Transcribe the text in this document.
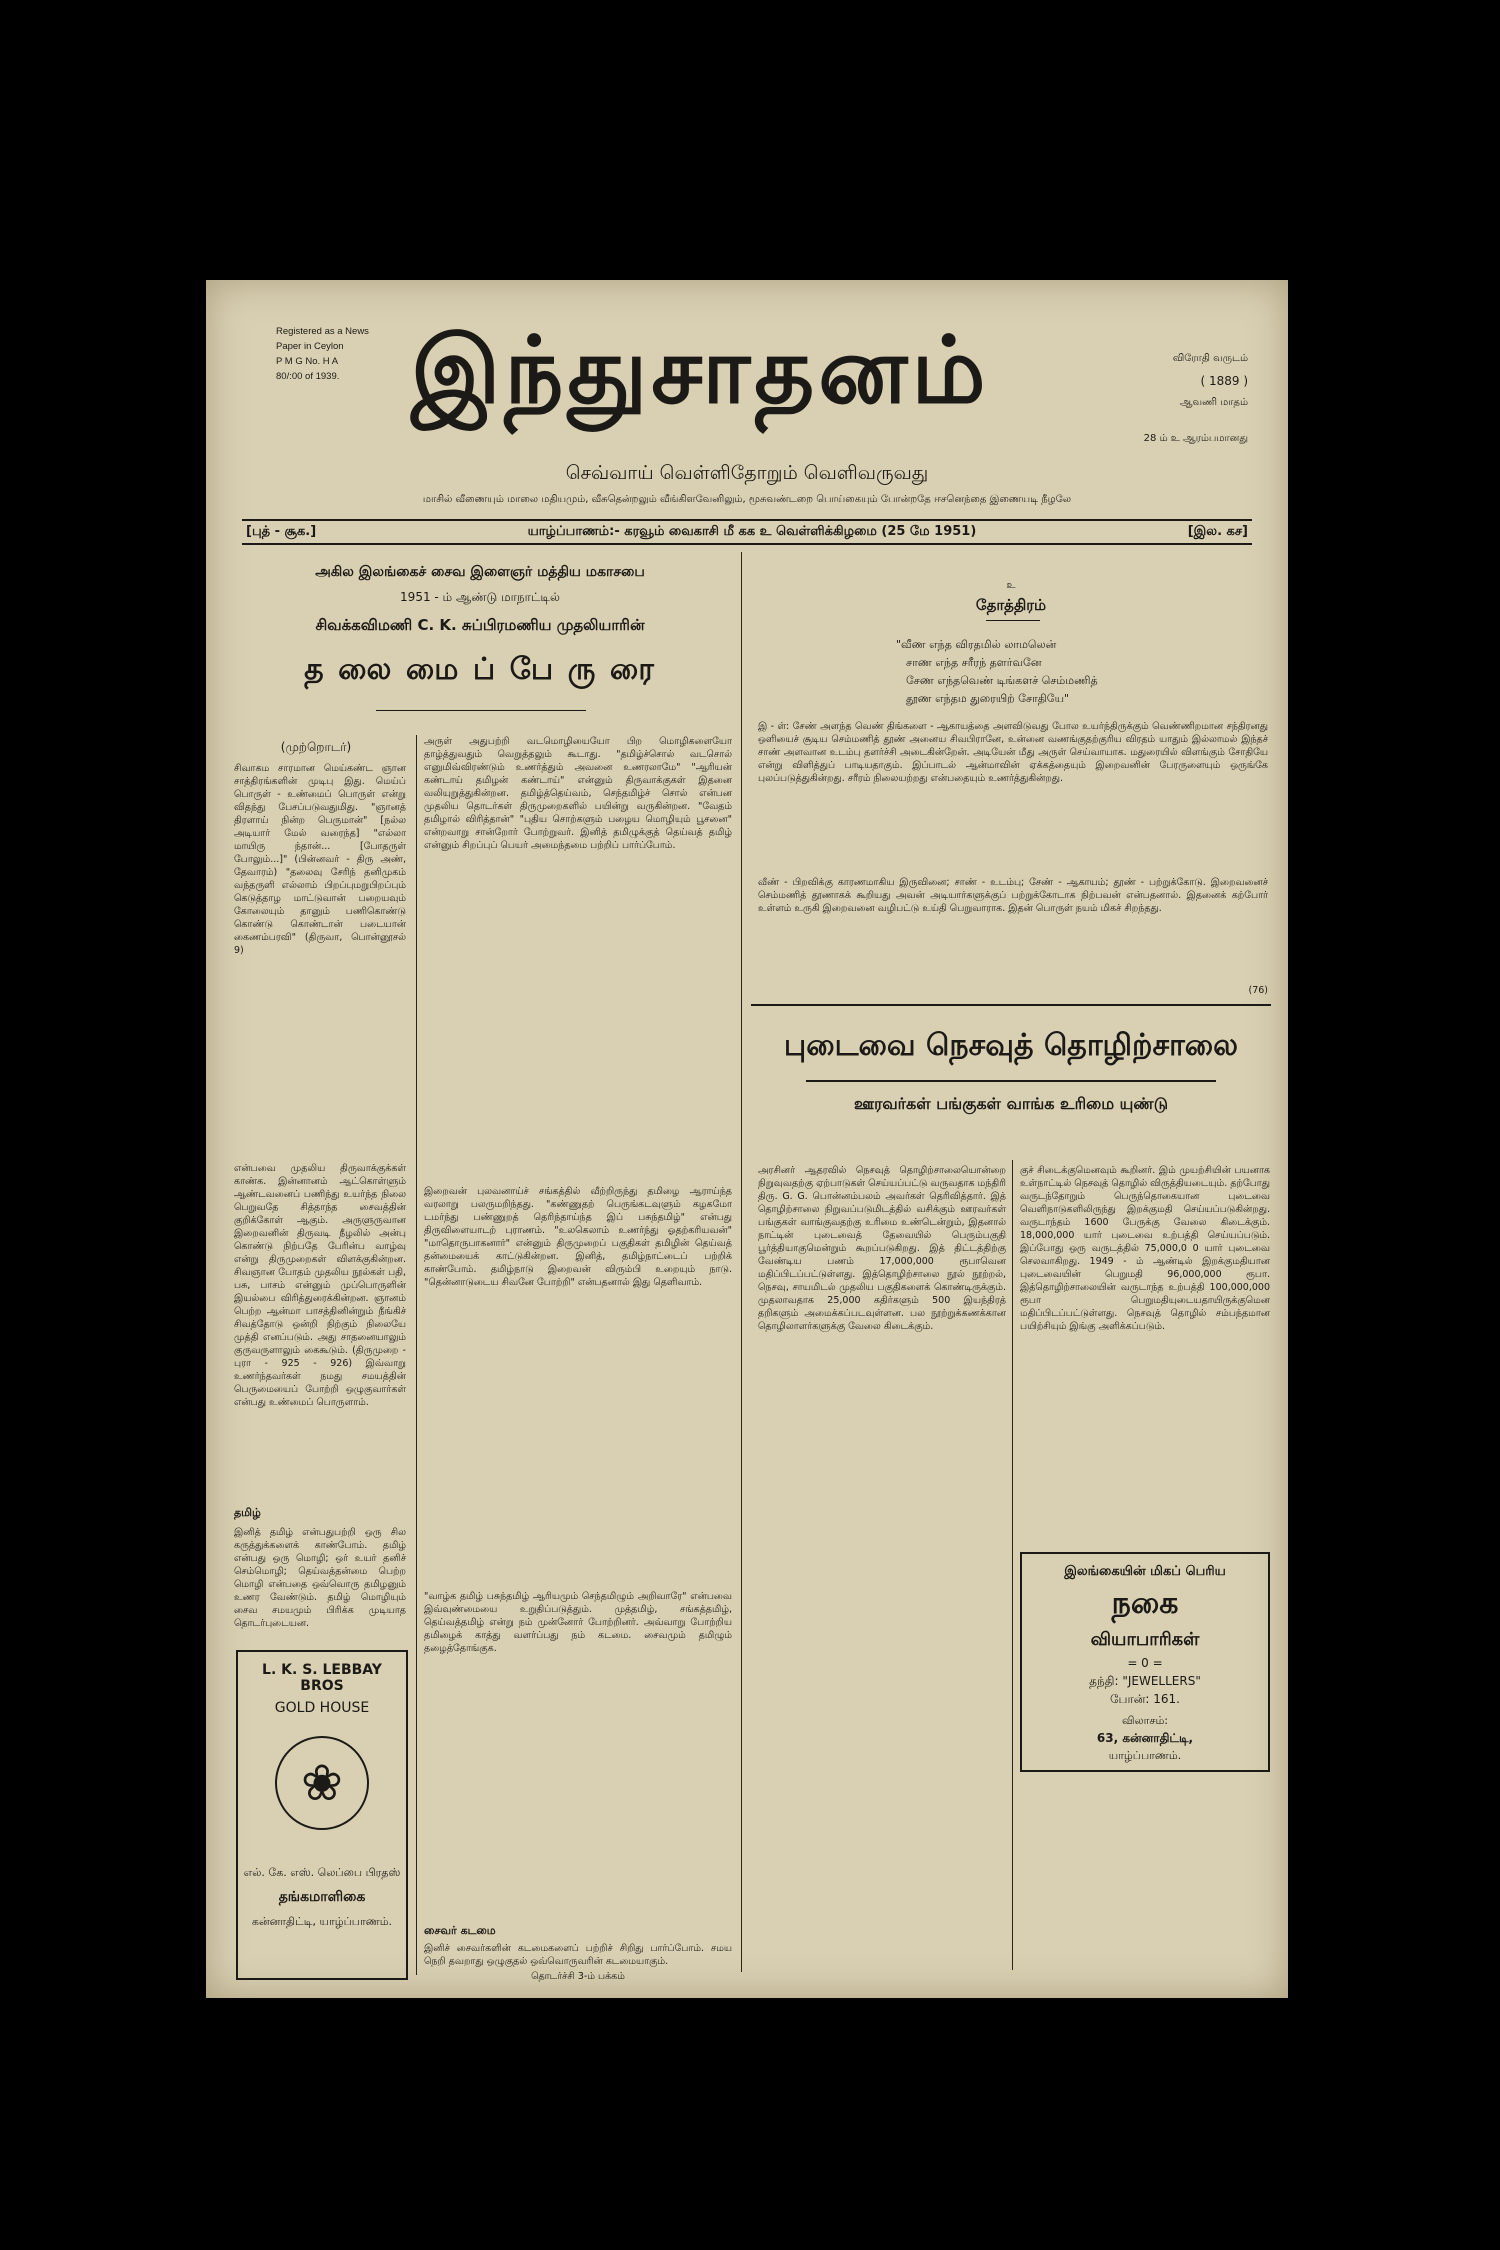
Registered as a News
Paper in Ceylon
P M G No. H A
80/:00 of 1939. இந்துசாதனம்	விரோதி வருடம்
( 1889 )
ஆவணி மாதம்
28 ம் உ ஆரம்பமானது
செவ்வாய் வெள்ளிதோறும் வெளிவருவது
மாசில் வீணையும் மாலை மதியமும், வீசுதென்றலும் வீங்கிளவேனிலும், மூசுவண்டறை பொய்கையும் போன்றதே ஈசனெந்தை இணையடி நீழலே
[புத் - சூக.]	யாழ்ப்பாணம்:- கரவூம் வைகாசி மீ கக உ வெள்ளிக்கிழமை (25 மே 1951)	[இல. கச]
அகில இலங்கைச் சைவ இளைஞர் மத்திய மகாசபை
1951 - ம் ஆண்டு மாநாட்டில்
சிவக்கவிமணி C. K. சுப்பிரமணிய முதலியாரின்
த லை மை ப் பே ரு ரை
(முற்றொடர்)
சிவாகம சாரமான மெய்கண்ட ஞான சாத்திரங்களின் முடிபு இது. மெய்ப் பொருள் - உண்மைப் பொருள் என்று விதந்து பேசப்படுவதுமிது. "ஞானத் திரளாய் நின்ற பெருமான்" [நல்ல அடியார் மேல் வரைந்த] "எல்லா மாயிரு ந்தான்... [போதருள் போலும்...]" (பின்னவர் - திரு அண், தேவாரம்) "தலைவு சேரிந் தனிமுகம் வந்தருளி எல்லாம் பிறப்புமறுபிறப்பும் கெடுத்தாழ மாட்டுவான் பறையவும் கோலையும் தானும் பணிகொண்டு கொண்டு கொண்டான் படையான் கைணம்பரவி" (திருவா, பொன்னூசல் 9)
என்பவை முதலிய திருவாக்குக்கள் காண்க. இன்னானம் ஆட்கொள்ளும் ஆண்டவனைப் பணிந்து உயர்ந்த நிலை பெறுவதே சித்தாந்த சைவத்தின் குறிக்கோள் ஆகும். அருளுருவான இறைவனின் திருவடி நீழலில் அன்பு கொண்டு நிற்பதே பேரின்ப வாழ்வு என்று திருமுறைகள் விளக்குகின்றன. சிவஞான போதம் முதலிய நூல்கள் பதி, பசு, பாசம் என்னும் முப்பொருளின் இயல்பை விரித்துரைக்கின்றன. ஞானம் பெற்ற ஆன்மா பாசத்தினின்றும் நீங்கிச் சிவத்தோடு ஒன்றி நிற்கும் நிலையே முத்தி எனப்படும். அது சாதனையாலும் குருவருளாலும் கைகூடும். (திருமுறை - புரா - 925 - 926) இவ்வாறு உணர்ந்தவர்கள் நமது சமயத்தின் பெருமையைப் போற்றி ஒழுகுவார்கள் என்பது உண்மைப் பொருளாம்.
தமிழ்
இனித் தமிழ் என்பதுபற்றி ஒரு சில கருத்துக்களைக் காண்போம். தமிழ் என்பது ஒரு மொழி; ஒர் உயர் தனிச் செம்மொழி; தெய்வத்தன்மை பெற்ற மொழி என்பதை ஒவ்வொரு தமிழனும் உணர வேண்டும். தமிழ் மொழியும் சைவ சமயமும் பிரிக்க முடியாத தொடர்புடையன.
அருள் அதுபற்றி வடமொழியையோ பிற மொழிகளையோ தாழ்த்துவதும் வெறுத்தலும் கூடாது. "தமிழ்ச்சொல் வடசொல் எனுமிவ்விரண்டும் உணர்த்தும் அவனை உணரலாமே" "ஆரியன் கண்டாய் தமிழன் கண்டாய்" என்னும் திருவாக்குகள் இதனை வலியுறுத்துகின்றன. தமிழ்த்தெய்வம், செந்தமிழ்ச் சொல் என்பன முதலிய தொடர்கள் திருமுறைகளில் பயின்று வருகின்றன. "வேதம் தமிழால் விரித்தான்" "புதிய சொற்களும் பழைய மொழியும் பூசனை" என்றவாறு சான்றோர் போற்றுவர். இனித் தமிழுக்குத் தெய்வத் தமிழ் என்னும் சிறப்புப் பெயர் அமைந்தமை பற்றிப் பார்ப்போம்.
இறைவன் புலவனாய்ச் சங்கத்தில் வீற்றிருந்து தமிழை ஆராய்ந்த வரலாறு பலருமறிந்தது. "கண்ணுதற் பெருங்கடவுளும் கழகமோ டமர்ந்து பண்ணுறத் தெரிந்தாய்ந்த இப் பசுந்தமிழ்" என்பது திருவிளையாடற் புராணம். "உலகெலாம் உணர்ந்து ஓதற்கரியவன்" "மாதொருபாகனார்" என்னும் திருமுறைப் பகுதிகள் தமிழின் தெய்வத் தன்மையைக் காட்டுகின்றன. இனித், தமிழ்நாட்டைப் பற்றிக் காண்போம். தமிழ்நாடு இறைவன் விரும்பி உறையும் நாடு. "தென்னாடுடைய சிவனே போற்றி" என்பதனால் இது தெளிவாம்.
"வாழ்க தமிழ் பசுந்தமிழ் ஆரியமும் செந்தமிழும் அறிவாரே" என்பவை இவ்வுண்மையை உறுதிப்படுத்தும். முத்தமிழ், சங்கத்தமிழ், தெய்வத்தமிழ் என்று நம் முன்னோர் போற்றினர். அவ்வாறு போற்றிய தமிழைக் காத்து வளர்ப்பது நம் கடமை. சைவமும் தமிழும் தழைத்தோங்குக.
சைவர் கடமை
இனிச் சைவர்களின் கடமைகளைப் பற்றிச் சிறிது பார்ப்போம். சமய நெறி தவறாது ஒழுகுதல் ஒவ்வொருவரின் கடமையாகும்.
தொடர்ச்சி 3-ம் பக்கம்
L. K. S. LEBBAY BROS
GOLD HOUSE
❀
எல். கே. எஸ். லெப்பை பிரதஸ்
தங்கமாளிகை
கன்னாதிட்டி, யாழ்ப்பாணம்.
உ
தோத்திரம்
"வீண எந்த விரதமில் லாமலென்
சாண எந்த சரீரந் தளர்வனே
சேண எந்தவெண் டிங்களச் செம்மணித்
தூண எந்தம துரையிற் சோதியே"
இ - ள்: சேண் அளந்த வெண் திங்களை - ஆகாயத்தை அளவிடுவது போல உயர்ந்திருக்கும் வெண்ணிறமான சந்திரனது ஒளியைச் சூடிய செம்மணித் தூண் அனைய சிவபிரானே, உன்னை வணங்குதற்குரிய விரதம் யாதும் இல்லாமல் இந்தச் சாண் அளவான உடம்பு தளர்ச்சி அடைகின்றேன். அடியேன் மீது அருள் செய்வாயாக. மதுரையில் விளங்கும் சோதியே என்று விளித்துப் பாடியதாகும். இப்பாடல் ஆன்மாவின் ஏக்கத்தையும் இறைவனின் பேரருளையும் ஒருங்கே புலப்படுத்துகின்றது. சரீரம் நிலையற்றது என்பதையும் உணர்த்துகின்றது.
வீண் - பிறவிக்கு காரணமாகிய இருவினை; சாண் - உடம்பு; சேண் - ஆகாயம்; தூண் - பற்றுக்கோடு. இறைவனைச் செம்மணித் தூணாகக் கூறியது அவன் அடியார்களுக்குப் பற்றுக்கோடாக நிற்பவன் என்பதனால். இதனைக் கற்போர் உள்ளம் உருகி இறைவனை வழிபட்டு உய்தி பெறுவாராக. இதன் பொருள் நயம் மிகச் சிறந்தது.
(76)
புடைவை நெசவுத் தொழிற்சாலை
ஊரவர்கள் பங்குகள் வாங்க உரிமை யுண்டு
அரசினர் ஆதரவில் நெசவுத் தொழிற்சாலையொன்றை நிறுவுவதற்கு ஏற்பாடுகள் செய்யப்பட்டு வருவதாக மந்திரி திரு. G. G. பொன்னம்பலம் அவர்கள் தெரிவித்தார். இத் தொழிற்சாலை நிறுவப்படுமிடத்தில் வசிக்கும் ஊரவர்கள் பங்குகள் வாங்குவதற்கு உரிமை உண்டென்றும், இதனால் நாட்டின் புடைவைத் தேவையில் பெரும்பகுதி பூர்த்தியாகுமென்றும் கூறப்படுகிறது. இத் திட்டத்திற்கு வேண்டிய பணம் 17,000,000 ரூபாவென மதிப்பிடப்பட்டுள்ளது. இத்தொழிற்சாலை நூல் நூற்றல், நெசவு, சாயமிடல் முதலிய பகுதிகளைக் கொண்டிருக்கும். முதலாவதாக 25,000 கதிர்களும் 500 இயந்திரத் தறிகளும் அமைக்கப்படவுள்ளன. பல நூற்றுக்கணக்கான தொழிலாளர்களுக்கு வேலை கிடைக்கும்.
குச் சிடைக்குமெனவும் கூறினர். இம் முயற்சியின் பயனாக உள்நாட்டில் நெசவுத் தொழில் விருத்தியடையும். தற்போது வருடந்தோறும் பெருந்தொகையான புடைவை வெளிநாடுகளிலிருந்து இறக்குமதி செய்யப்படுகின்றது. வருடாந்தம் 1600 பேருக்கு வேலை கிடைக்கும். 18,000,000 யார் புடைவை உற்பத்தி செய்யப்படும். இப்போது ஒரு வருடத்தில் 75,000,0 0 யார் புடைவை செலவாகிறது. 1949 - ம் ஆண்டில் இறக்குமதியான புடைவையின் பெறுமதி 96,000,000 ரூபா. இத்தொழிற்சாலையின் வருடாந்த உற்பத்தி 100,000,000 ரூபா பெறுமதியுடையதாயிருக்குமென மதிப்பிடப்பட்டுள்ளது. நெசவுத் தொழில் சம்பந்தமான பயிற்சியும் இங்கு அளிக்கப்படும்.
இலங்கையின் மிகப் பெரிய
நகை
வியாபாரிகள்
= 0 =
தந்தி: "JEWELLERS"
போன்: 161.
விலாசம்:
63, கன்னாதிட்டி,
யாழ்ப்பாணம்.
